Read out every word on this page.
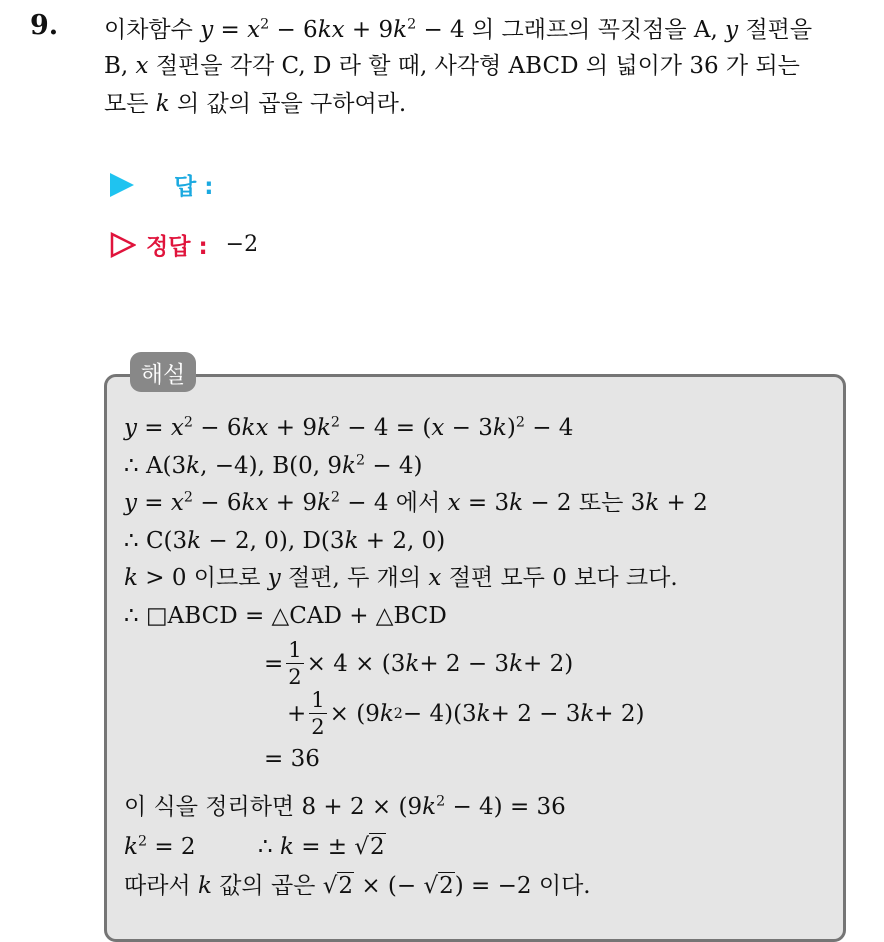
9. 이차함수 $y = x^2 - 6kx + 9k^2 - 4$ 의 그래프의 꼭짓점을 A, y 절편을
B, x 절편을 각각 C, D 라 할 때, 사각형 ABCD 의 넓이가 36 가 되는
모든 k 의 값의 곱을 구하여라.
답 :
정답 : −2
해설
$y = x^2 - 6kx + 9k^2 - 4 = (x - 3k)^2 - 4$
∴ A(3k, −4), B(0, $9k^2 - 4$)
$y = x^2 - 6kx + 9k^2 - 4$ 에서 x = 3k − 2 또는 3k + 2
∴ C(3k − 2, 0), D(3k + 2, 0)
k > 0 이므로 y 절편, 두 개의 x 절편 모두 0 보다 크다.
∴ □ABCD = △CAD + △BCD
= $\frac{1}{2} \times 4 \times (3$ k + 2 − 3 k + 2)
+ $\frac{1}{2} \times (9$ k 2 − 4)(3 k + 2 − 3 k + 2)
= 36
이 식을 정리하면 $8 + 2 \times (9k^2 - 4) = 36$
$k^2 = 2$	∴ k = ± √2
따라서 k 값의 곱은 √2 × (− √2) = −2 이다.
